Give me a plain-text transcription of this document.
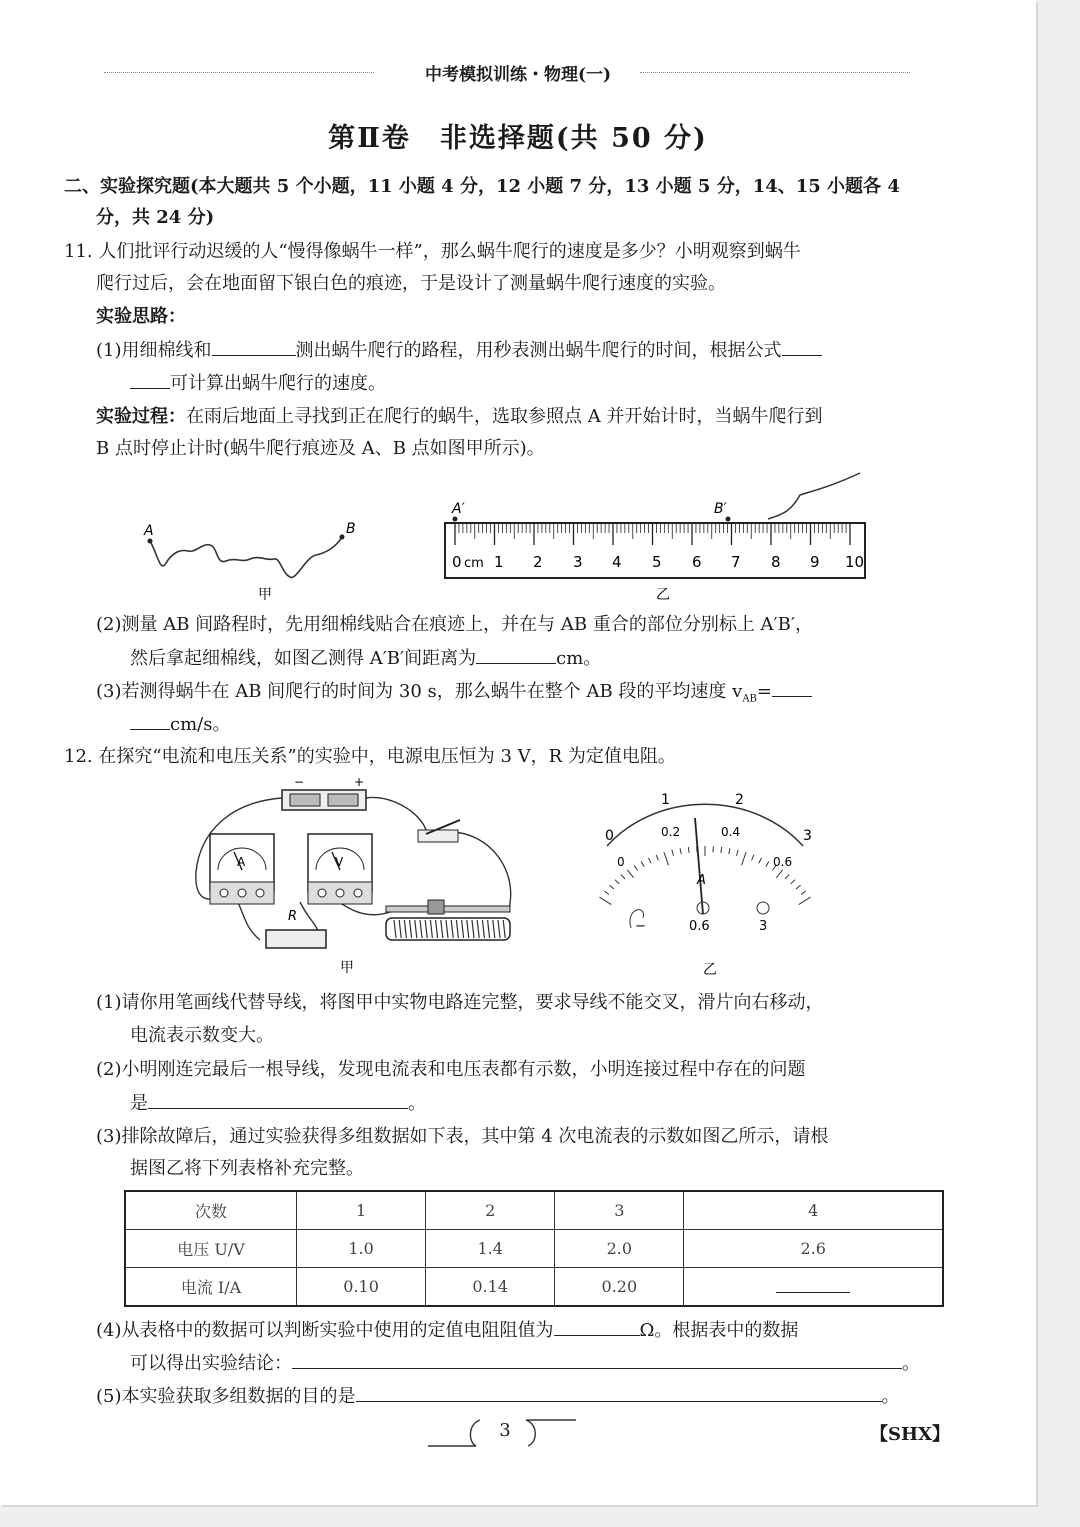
中考模拟训练・物理(一)
第Ⅱ卷　非选择题(共 50 分)
二、实验探究题(本大题共 5 个小题，11 小题 4 分，12 小题 7 分，13 小题 5 分，14、15 小题各 4
分，共 24 分)
11. 人们批评行动迟缓的人“慢得像蜗牛一样”，那么蜗牛爬行的速度是多少？小明观察到蜗牛
爬行过后，会在地面留下银白色的痕迹，于是设计了测量蜗牛爬行速度的实验。
实验思路：
(1)用细棉线和	测出蜗牛爬行的路程，用秒表测出蜗牛爬行的时间，根据公式
可计算出蜗牛爬行的速度。
实验过程：在雨后地面上寻找到正在爬行的蜗牛，选取参照点 A 并开始计时，当蜗牛爬行到
B 点时停止计时(蜗牛爬行痕迹及 A、B 点如图甲所示)。
A	B
甲
0 cm 1 2 3 4 5 6 7 8 9 10
A′	B′
乙
(2)测量 AB 间路程时，先用细棉线贴合在痕迹上，并在与 AB 重合的部位分别标上 A′B′，
然后拿起细棉线，如图乙测得 A′B′间距离为	cm。
(3)若测得蜗牛在 AB 间爬行的时间为 30 s，那么蜗牛在整个 AB 段的平均速度 $v_{AB}=$
cm/s。
12. 在探究“电流和电压关系”的实验中，电源电压恒为 3 V，R 为定值电阻。
−	+
A	V
R
甲
0
1	2
3
0
0.2	0.4
0.6
A
−	0.6	3
乙
(1)请你用笔画线代替导线，将图甲中实物电路连完整，要求导线不能交叉，滑片向右移动，
电流表示数变大。
(2)小明刚连完最后一根导线，发现电流表和电压表都有示数，小明连接过程中存在的问题
是	。
(3)排除故障后，通过实验获得多组数据如下表，其中第 4 次电流表的示数如图乙所示，请根
据图乙将下列表格补充完整。
次数	1	2	3	4
电压 U/V	1.0	1.4	2.0	2.6
电流 I/A	0.10	0.14	0.20	
(4)从表格中的数据可以判断实验中使用的定值电阻阻值为	Ω。根据表中的数据
可以得出实验结论：	。
(5)本实验获取多组数据的目的是	。
3	【SHX】
